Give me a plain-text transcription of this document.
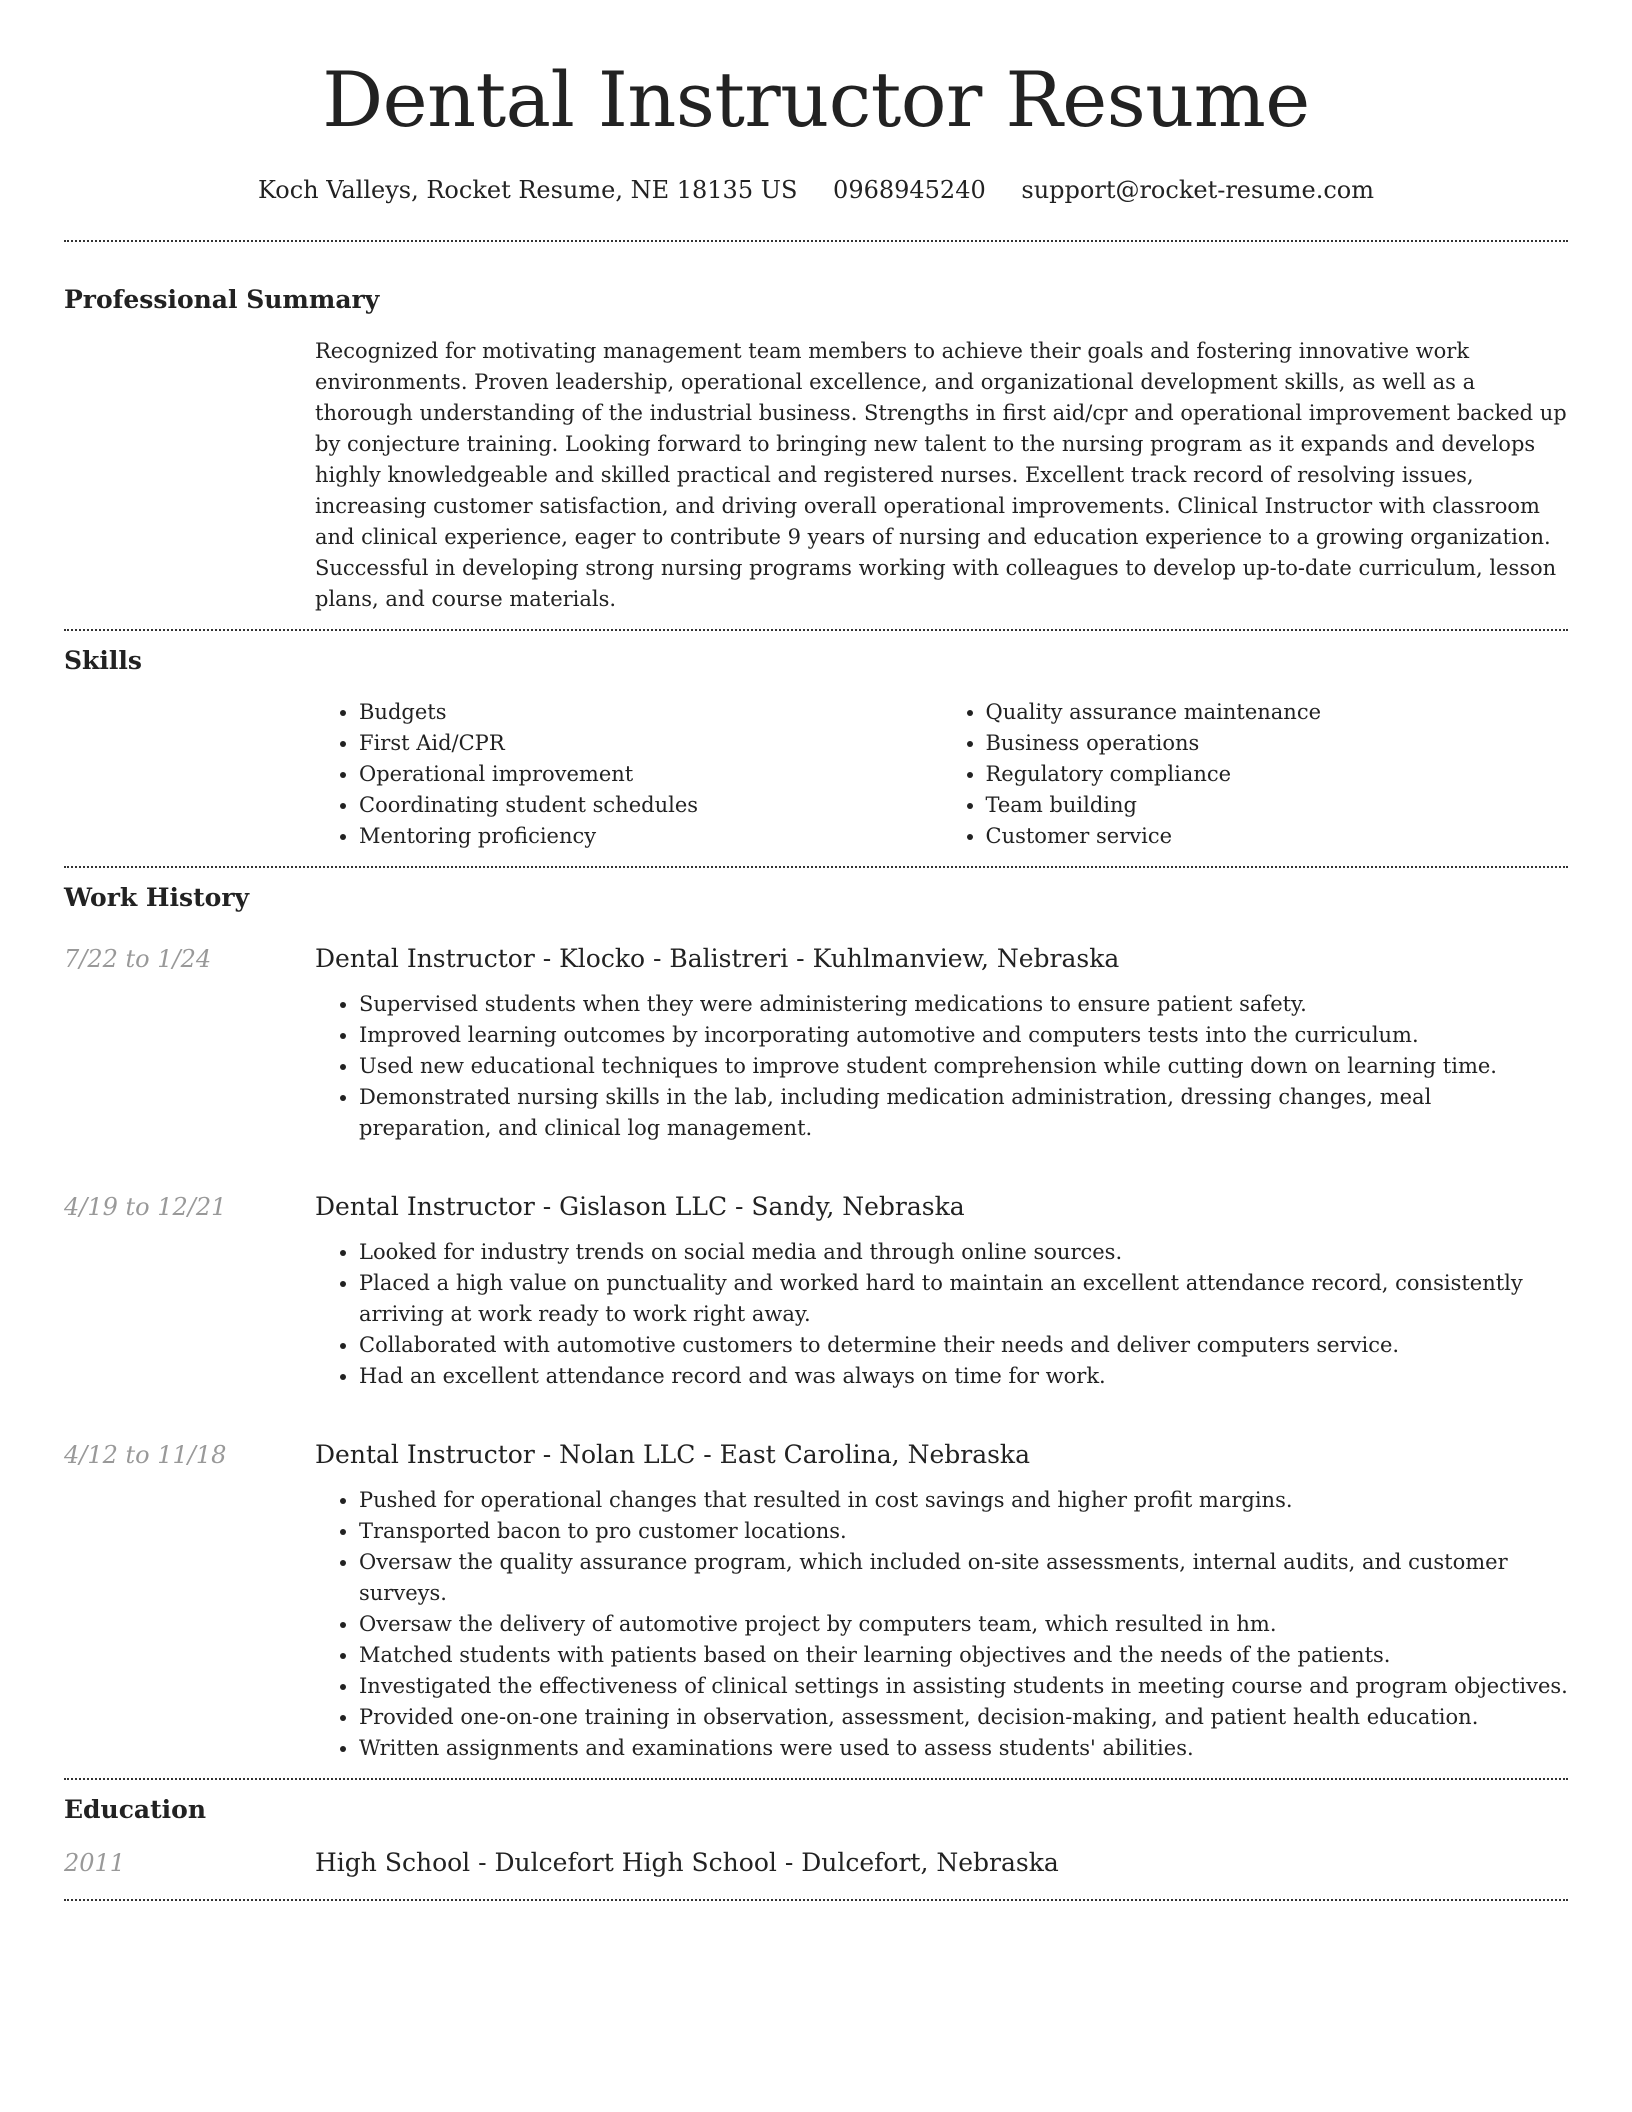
Dental Instructor Resume
Koch Valleys, Rocket Resume, NE 18135 US 0968945240 support@rocket-resume.com
Professional Summary
Recognized for motivating management team members to achieve their goals and fostering innovative work environments. Proven leadership, operational excellence, and organizational development skills, as well as a thorough understanding of the industrial business. Strengths in first aid/cpr and operational improvement backed up by conjecture training. Looking forward to bringing new talent to the nursing program as it expands and develops highly knowledgeable and skilled practical and registered nurses. Excellent track record of resolving issues, increasing customer satisfaction, and driving overall operational improvements. Clinical Instructor with classroom and clinical experience, eager to contribute 9 years of nursing and education experience to a growing organization. Successful in developing strong nursing programs working with colleagues to develop up-to-date curriculum, lesson plans, and course materials.
Skills
• Budgets
• First Aid/CPR
• Operational improvement
• Coordinating student schedules
• Mentoring proficiency
• Quality assurance maintenance
• Business operations
• Regulatory compliance
• Team building
• Customer service
Work History
7/22 to 1/24	Dental Instructor - Klocko - Balistreri - Kuhlmanview, Nebraska
• Supervised students when they were administering medications to ensure patient safety.
• Improved learning outcomes by incorporating automotive and computers tests into the curriculum.
• Used new educational techniques to improve student comprehension while cutting down on learning time.
• Demonstrated nursing skills in the lab, including medication administration, dressing changes, meal preparation, and clinical log management.
4/19 to 12/21	Dental Instructor - Gislason LLC - Sandy, Nebraska
• Looked for industry trends on social media and through online sources.
• Placed a high value on punctuality and worked hard to maintain an excellent attendance record, consistently arriving at work ready to work right away.
• Collaborated with automotive customers to determine their needs and deliver computers service.
• Had an excellent attendance record and was always on time for work.
4/12 to 11/18	Dental Instructor - Nolan LLC - East Carolina, Nebraska
• Pushed for operational changes that resulted in cost savings and higher profit margins.
• Transported bacon to pro customer locations.
• Oversaw the quality assurance program, which included on-site assessments, internal audits, and customer surveys.
• Oversaw the delivery of automotive project by computers team, which resulted in hm.
• Matched students with patients based on their learning objectives and the needs of the patients.
• Investigated the effectiveness of clinical settings in assisting students in meeting course and program objectives.
• Provided one-on-one training in observation, assessment, decision-making, and patient health education.
• Written assignments and examinations were used to assess students' abilities.
Education
2011	High School - Dulcefort High School - Dulcefort, Nebraska
